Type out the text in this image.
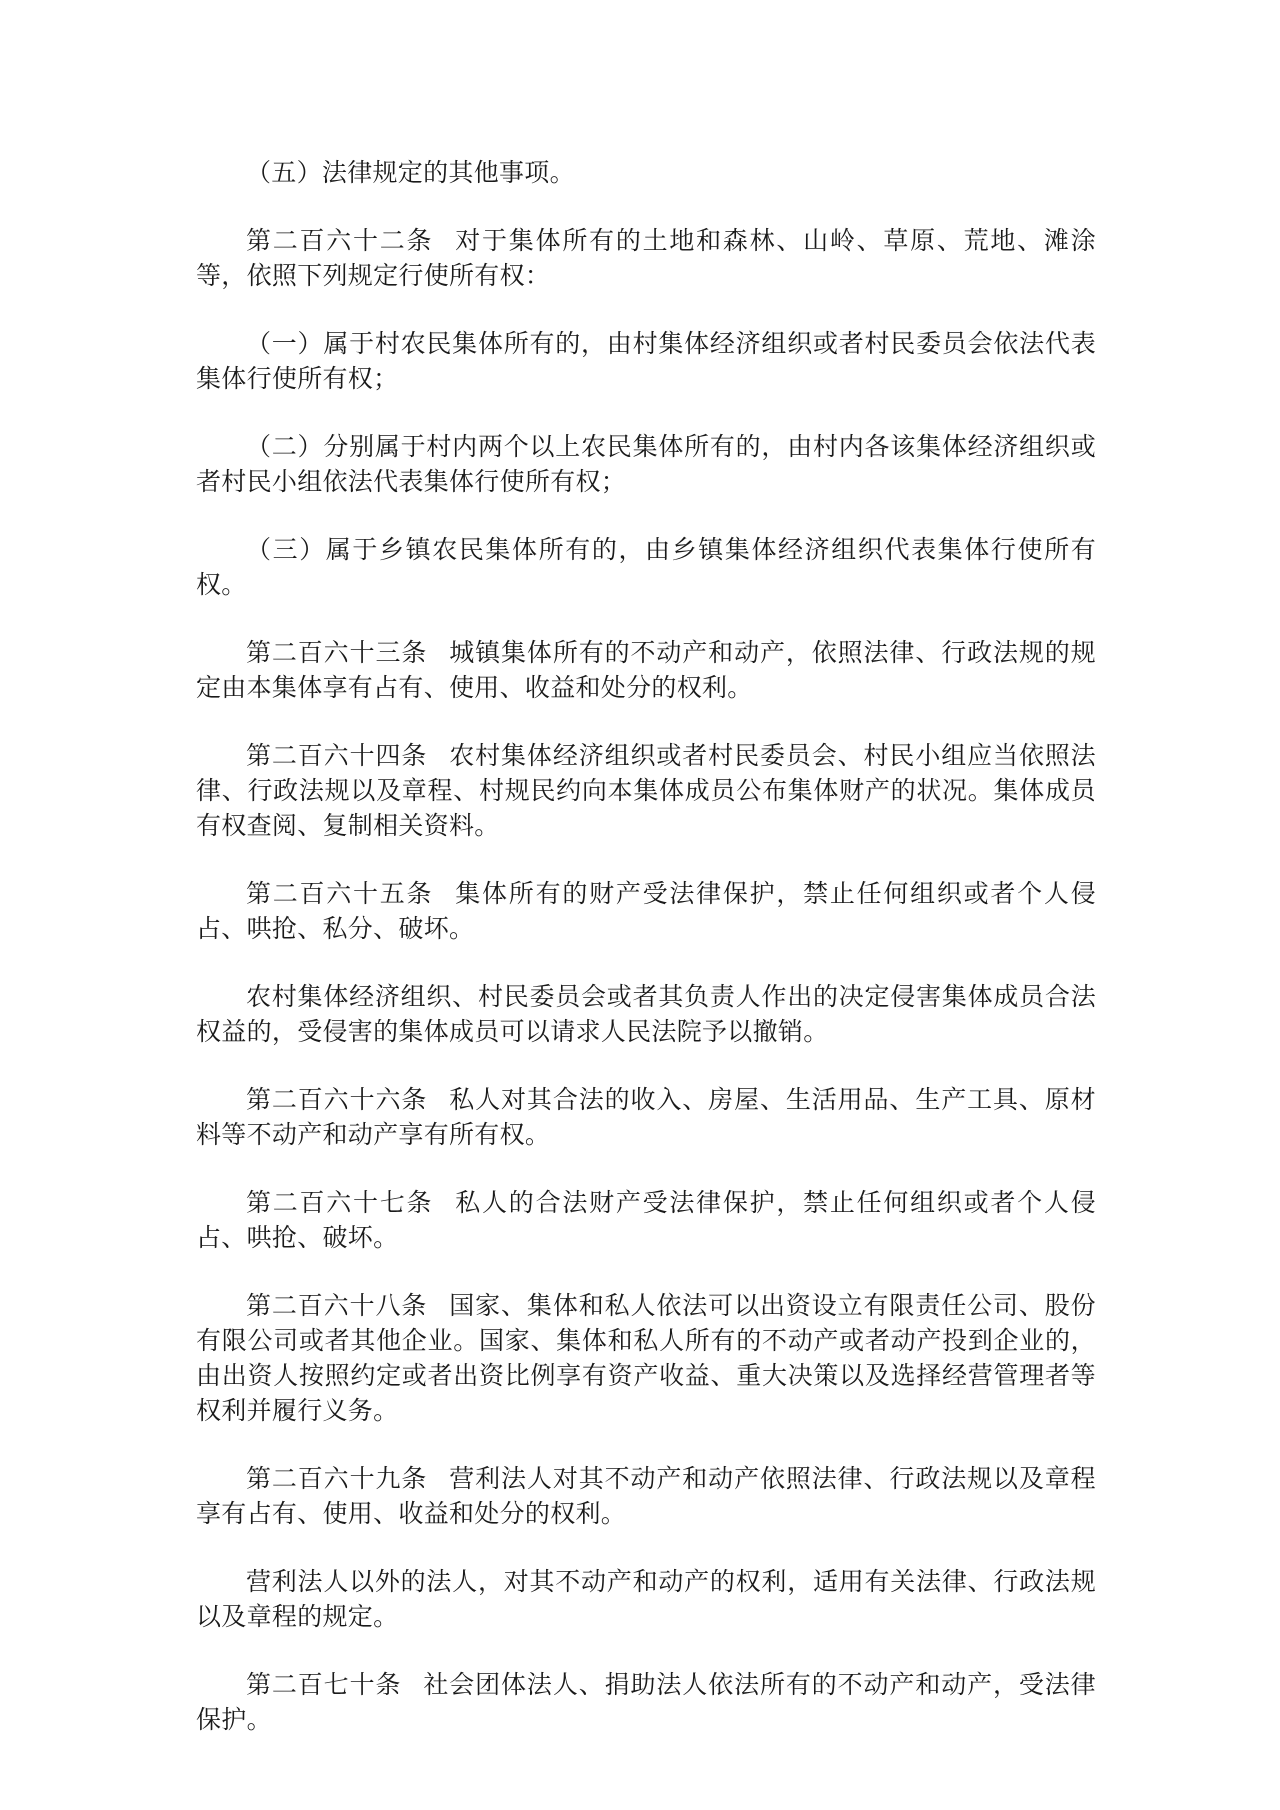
（五）法律规定的其他事项。

第二百六十二条 对于集体所有的土地和森林、山岭、草原、荒地、滩涂等，依照下列规定行使所有权：

（一）属于村农民集体所有的，由村集体经济组织或者村民委员会依法代表集体行使所有权；

（二）分别属于村内两个以上农民集体所有的，由村内各该集体经济组织或者村民小组依法代表集体行使所有权；

（三）属于乡镇农民集体所有的，由乡镇集体经济组织代表集体行使所有权。

第二百六十三条 城镇集体所有的不动产和动产，依照法律、行政法规的规定由本集体享有占有、使用、收益和处分的权利。

第二百六十四条 农村集体经济组织或者村民委员会、村民小组应当依照法律、行政法规以及章程、村规民约向本集体成员公布集体财产的状况。集体成员有权查阅、复制相关资料。

第二百六十五条 集体所有的财产受法律保护，禁止任何组织或者个人侵占、哄抢、私分、破坏。

农村集体经济组织、村民委员会或者其负责人作出的决定侵害集体成员合法权益的，受侵害的集体成员可以请求人民法院予以撤销。

第二百六十六条 私人对其合法的收入、房屋、生活用品、生产工具、原材料等不动产和动产享有所有权。

第二百六十七条 私人的合法财产受法律保护，禁止任何组织或者个人侵占、哄抢、破坏。

第二百六十八条 国家、集体和私人依法可以出资设立有限责任公司、股份有限公司或者其他企业。国家、集体和私人所有的不动产或者动产投到企业的，由出资人按照约定或者出资比例享有资产收益、重大决策以及选择经营管理者等权利并履行义务。

第二百六十九条 营利法人对其不动产和动产依照法律、行政法规以及章程享有占有、使用、收益和处分的权利。

营利法人以外的法人，对其不动产和动产的权利，适用有关法律、行政法规以及章程的规定。

第二百七十条 社会团体法人、捐助法人依法所有的不动产和动产，受法律保护。
